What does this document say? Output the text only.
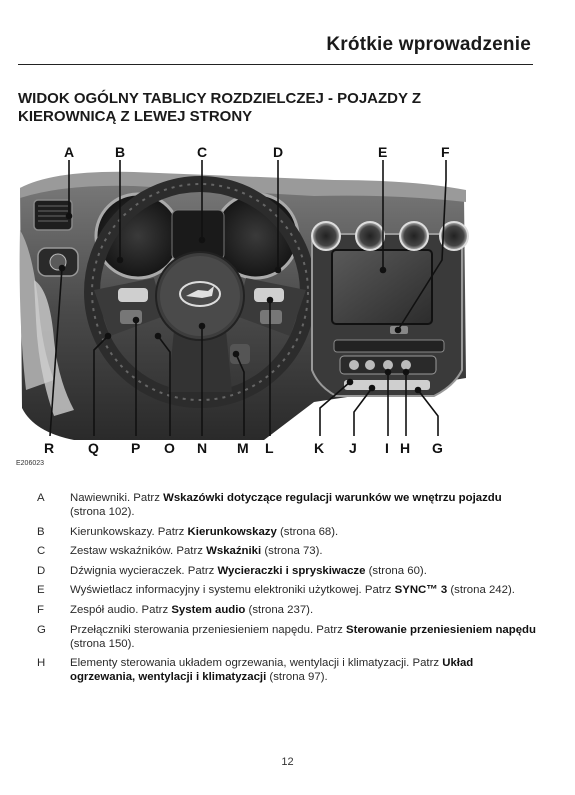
Krótkie wprowadzenie
WIDOK OGÓLNY TABLICY ROZDZIELCZEJ - POJAZDY Z KIEROWNICĄ Z LEWEJ STRONY
A	B	C	D	E	F
R Q P O N M L	K J I H G
E206023
A	Nawiewniki. Patrz Wskazówki dotyczące regulacji warunków we wnętrzu pojazdu (strona 102).
B	Kierunkowskazy. Patrz Kierunkowskazy (strona 68).
C	Zestaw wskaźników. Patrz Wskaźniki (strona 73).
D	Dźwignia wycieraczek. Patrz Wycieraczki i spryskiwacze (strona 60).
E	Wyświetlacz informacyjny i systemu elektroniki użytkowej. Patrz SYNC™ 3 (strona 242).
F	Zespół audio. Patrz System audio (strona 237).
G	Przełączniki sterowania przeniesieniem napędu. Patrz Sterowanie przeniesieniem napędu (strona 150).
H	Elementy sterowania układem ogrzewania, wentylacji i klimatyzacji. Patrz Układ ogrzewania, wentylacji i klimatyzacji (strona 97).
12
